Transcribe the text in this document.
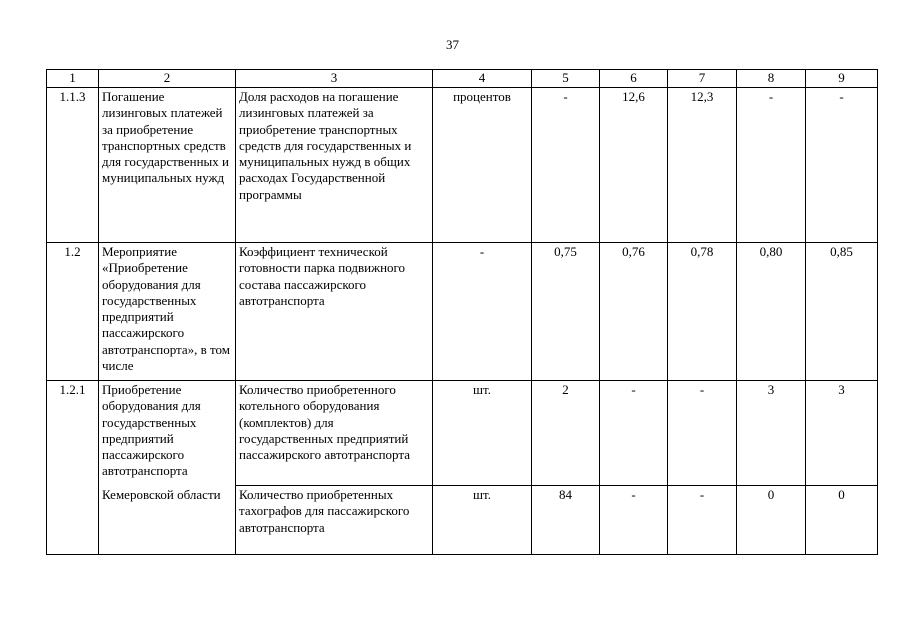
37
1	2	3	4	5	6	7	8	9
1.1.3	Погашение лизинговых платежей за приобретение транспортных средств для государственных и муниципальных нужд	Доля расходов на погашение лизинговых платежей за приобретение транспортных средств для государственных и муниципальных нужд в общих расходах Государственной программы	процентов	-	12,6	12,3	-	-
1.2	Мероприятие «Приобретение оборудования для государственных предприятий пассажирского автотранспорта», в том числе	Коэффициент технической готовности парка подвижного состава пассажирского автотранспорта	-	0,75	0,76	0,78	0,80	0,85
1.2.1	Приобретение оборудования для государственных предприятий пассажирского автотранспорта	Количество приобретенного котельного оборудования (комплектов) для государственных предприятий пассажирского автотранспорта	шт.	2	-	-	3	3
	Кемеровской области	Количество приобретенных тахографов для пассажирского автотранспорта	шт.	84	-	-	0	0
